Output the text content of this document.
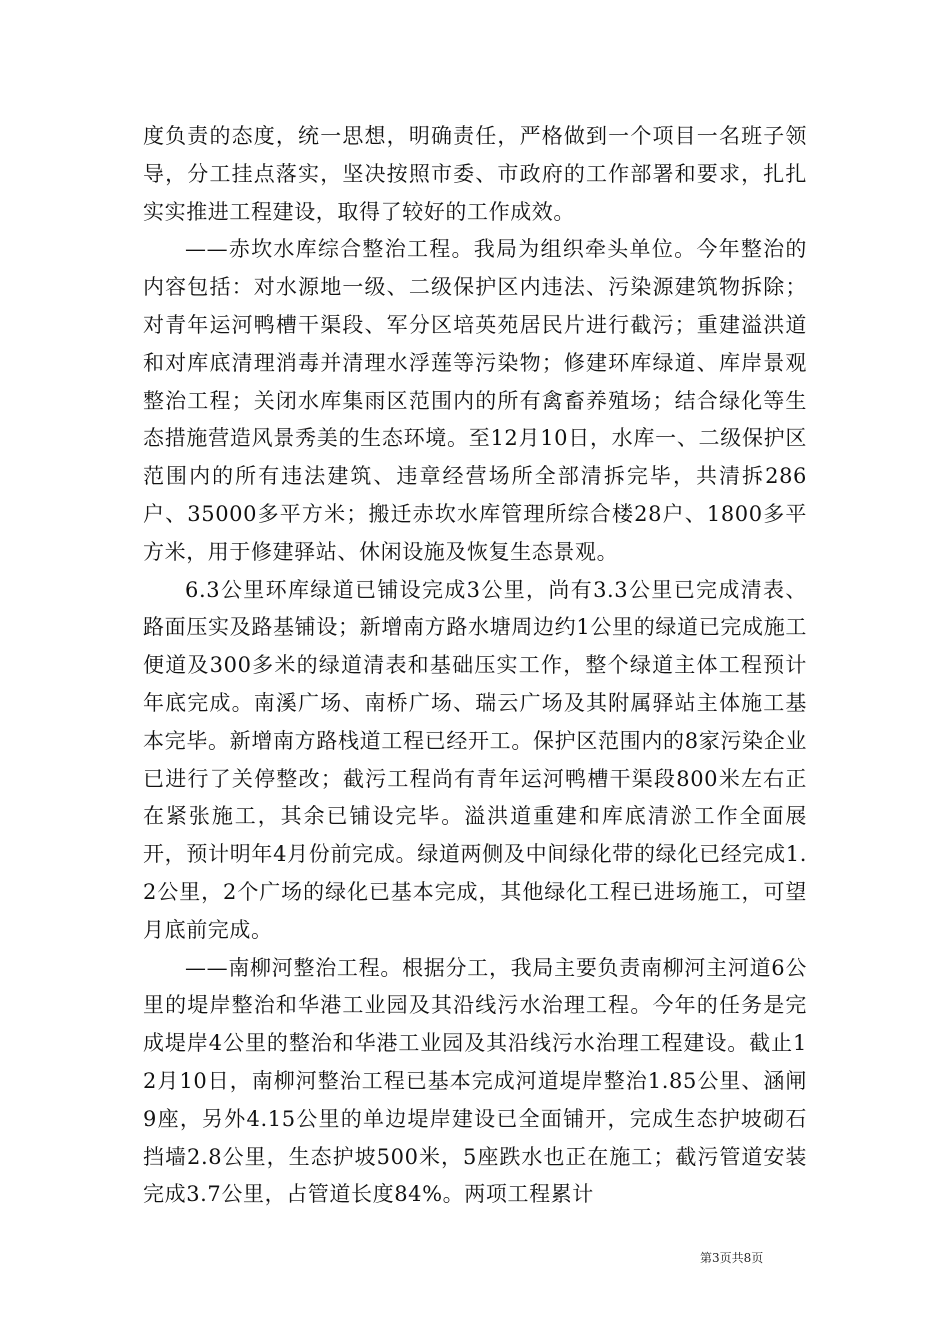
度负责的态度，统一思想，明确责任，严格做到一个项目一名班子领导，分工挂点落实，坚决按照市委、市政府的工作部署和要求，扎扎实实推进工程建设，取得了较好的工作成效。

——赤坎水库综合整治工程。我局为组织牵头单位。今年整治的内容包括：对水源地一级、二级保护区内违法、污染源建筑物拆除；对青年运河鸭槽干渠段、军分区培英苑居民片进行截污；重建溢洪道和对库底清理消毒并清理水浮莲等污染物；修建环库绿道、库岸景观整治工程；关闭水库集雨区范围内的所有禽畜养殖场；结合绿化等生态措施营造风景秀美的生态环境。至12月10日，水库一、二级保护区范围内的所有违法建筑、违章经营场所全部清拆完毕，共清拆286户、35000多平方米；搬迁赤坎水库管理所综合楼28户、1800多平方米，用于修建驿站、休闲设施及恢复生态景观。

6.3公里环库绿道已铺设完成3公里，尚有3.3公里已完成清表、路面压实及路基铺设；新增南方路水塘周边约1公里的绿道已完成施工便道及300多米的绿道清表和基础压实工作，整个绿道主体工程预计年底完成。南溪广场、南桥广场、瑞云广场及其附属驿站主体施工基本完毕。新增南方路栈道工程已经开工。保护区范围内的8家污染企业已进行了关停整改；截污工程尚有青年运河鸭槽干渠段800米左右正在紧张施工，其余已铺设完毕。溢洪道重建和库底清淤工作全面展开，预计明年4月份前完成。绿道两侧及中间绿化带的绿化已经完成1.2公里，2个广场的绿化已基本完成，其他绿化工程已进场施工，可望月底前完成。

——南柳河整治工程。根据分工，我局主要负责南柳河主河道6公里的堤岸整治和华港工业园及其沿线污水治理工程。今年的任务是完成堤岸4公里的整治和华港工业园及其沿线污水治理工程建设。截止12月10日，南柳河整治工程已基本完成河道堤岸整治1.85公里、涵闸9座，另外4.15公里的单边堤岸建设已全面铺开，完成生态护坡砌石挡墙2.8公里，生态护坡500米，5座跌水也正在施工；截污管道安装完成3.7公里，占管道长度84%。两项工程累计

第3页共8页
